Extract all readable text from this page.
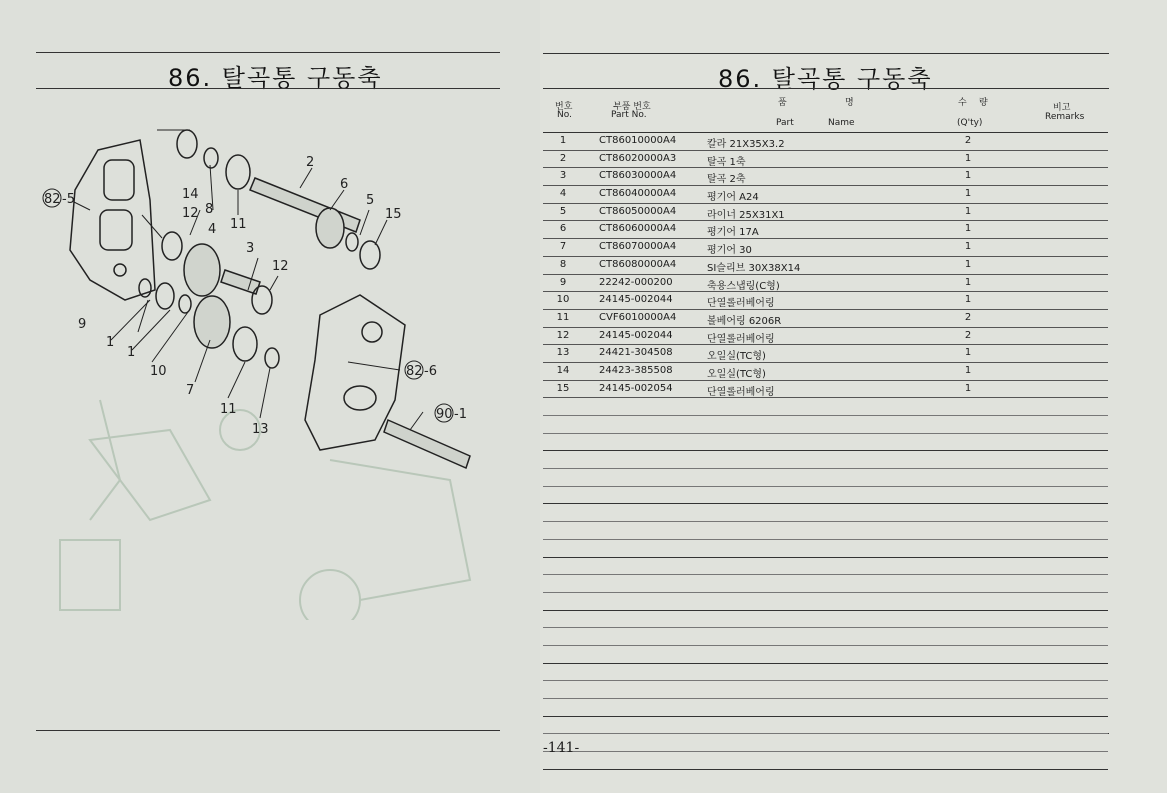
86. 탈곡통 구동축
82 -5
82 -6
90 -1
2
14
8
6
5
15
12
11
4
3
12
9
1
1
10
7
11
13
86. 탈곡통 구동축
번호
No.
부품 번호
Part No.
품	명
Part	Name
수 량
(Q'ty)
비고
Remarks
1	CT86010000A4	칼라 21X35X3.2	2
2	CT86020000A3	탈곡 1축	1
3	CT86030000A4	탈곡 2축	1
4	CT86040000A4	평기어 A24	1
5	CT86050000A4	라이너 25X31X1	1
6	CT86060000A4	평기어 17A	1
7	CT86070000A4	평기어 30	1
8	CT86080000A4	SI슬리브 30X38X14	1
9	22242-000200	축용스냅링(C형)	1
10	24145-002044	단열롤러베어링	1
11	CVF6010000A4	볼베어링 6206R	2
12	24145-002044	단열롤러베어링	2
13	24421-304508	오일실(TC형)	1
14	24423-385508	오일실(TC형)	1
15	24145-002054	단열롤러베어링	1
-141-
